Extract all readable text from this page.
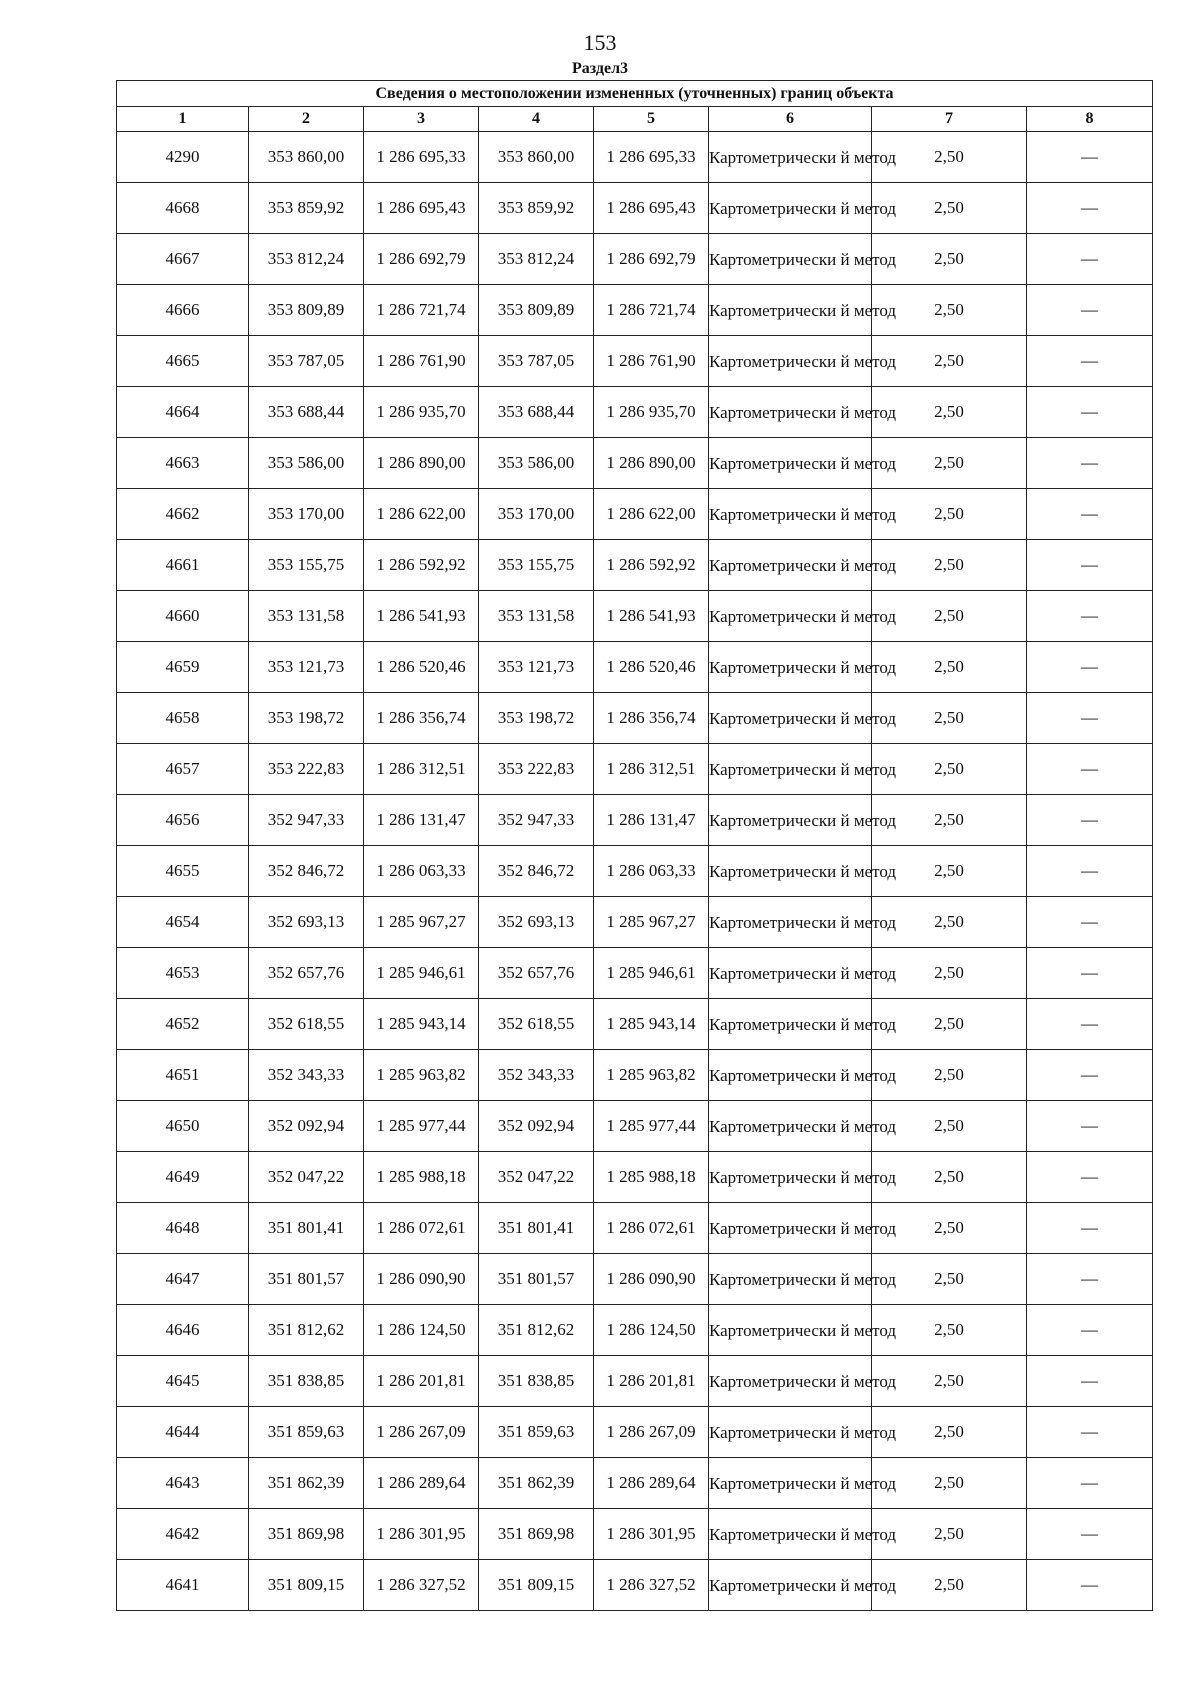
153
Раздел3
Сведения о местоположении измененных (уточненных) границ объекта							
1	2	3	4	5	6	7	8
4290	353 860,00	1 286 695,33	353 860,00	1 286 695,33	Картометрически й метод	2,50	—
4668	353 859,92	1 286 695,43	353 859,92	1 286 695,43	Картометрически й метод	2,50	—
4667	353 812,24	1 286 692,79	353 812,24	1 286 692,79	Картометрически й метод	2,50	—
4666	353 809,89	1 286 721,74	353 809,89	1 286 721,74	Картометрически й метод	2,50	—
4665	353 787,05	1 286 761,90	353 787,05	1 286 761,90	Картометрически й метод	2,50	—
4664	353 688,44	1 286 935,70	353 688,44	1 286 935,70	Картометрически й метод	2,50	—
4663	353 586,00	1 286 890,00	353 586,00	1 286 890,00	Картометрически й метод	2,50	—
4662	353 170,00	1 286 622,00	353 170,00	1 286 622,00	Картометрически й метод	2,50	—
4661	353 155,75	1 286 592,92	353 155,75	1 286 592,92	Картометрически й метод	2,50	—
4660	353 131,58	1 286 541,93	353 131,58	1 286 541,93	Картометрически й метод	2,50	—
4659	353 121,73	1 286 520,46	353 121,73	1 286 520,46	Картометрически й метод	2,50	—
4658	353 198,72	1 286 356,74	353 198,72	1 286 356,74	Картометрически й метод	2,50	—
4657	353 222,83	1 286 312,51	353 222,83	1 286 312,51	Картометрически й метод	2,50	—
4656	352 947,33	1 286 131,47	352 947,33	1 286 131,47	Картометрически й метод	2,50	—
4655	352 846,72	1 286 063,33	352 846,72	1 286 063,33	Картометрически й метод	2,50	—
4654	352 693,13	1 285 967,27	352 693,13	1 285 967,27	Картометрически й метод	2,50	—
4653	352 657,76	1 285 946,61	352 657,76	1 285 946,61	Картометрически й метод	2,50	—
4652	352 618,55	1 285 943,14	352 618,55	1 285 943,14	Картометрически й метод	2,50	—
4651	352 343,33	1 285 963,82	352 343,33	1 285 963,82	Картометрически й метод	2,50	—
4650	352 092,94	1 285 977,44	352 092,94	1 285 977,44	Картометрически й метод	2,50	—
4649	352 047,22	1 285 988,18	352 047,22	1 285 988,18	Картометрически й метод	2,50	—
4648	351 801,41	1 286 072,61	351 801,41	1 286 072,61	Картометрически й метод	2,50	—
4647	351 801,57	1 286 090,90	351 801,57	1 286 090,90	Картометрически й метод	2,50	—
4646	351 812,62	1 286 124,50	351 812,62	1 286 124,50	Картометрически й метод	2,50	—
4645	351 838,85	1 286 201,81	351 838,85	1 286 201,81	Картометрически й метод	2,50	—
4644	351 859,63	1 286 267,09	351 859,63	1 286 267,09	Картометрически й метод	2,50	—
4643	351 862,39	1 286 289,64	351 862,39	1 286 289,64	Картометрически й метод	2,50	—
4642	351 869,98	1 286 301,95	351 869,98	1 286 301,95	Картометрически й метод	2,50	—
4641	351 809,15	1 286 327,52	351 809,15	1 286 327,52	Картометрически й метод	2,50	—
